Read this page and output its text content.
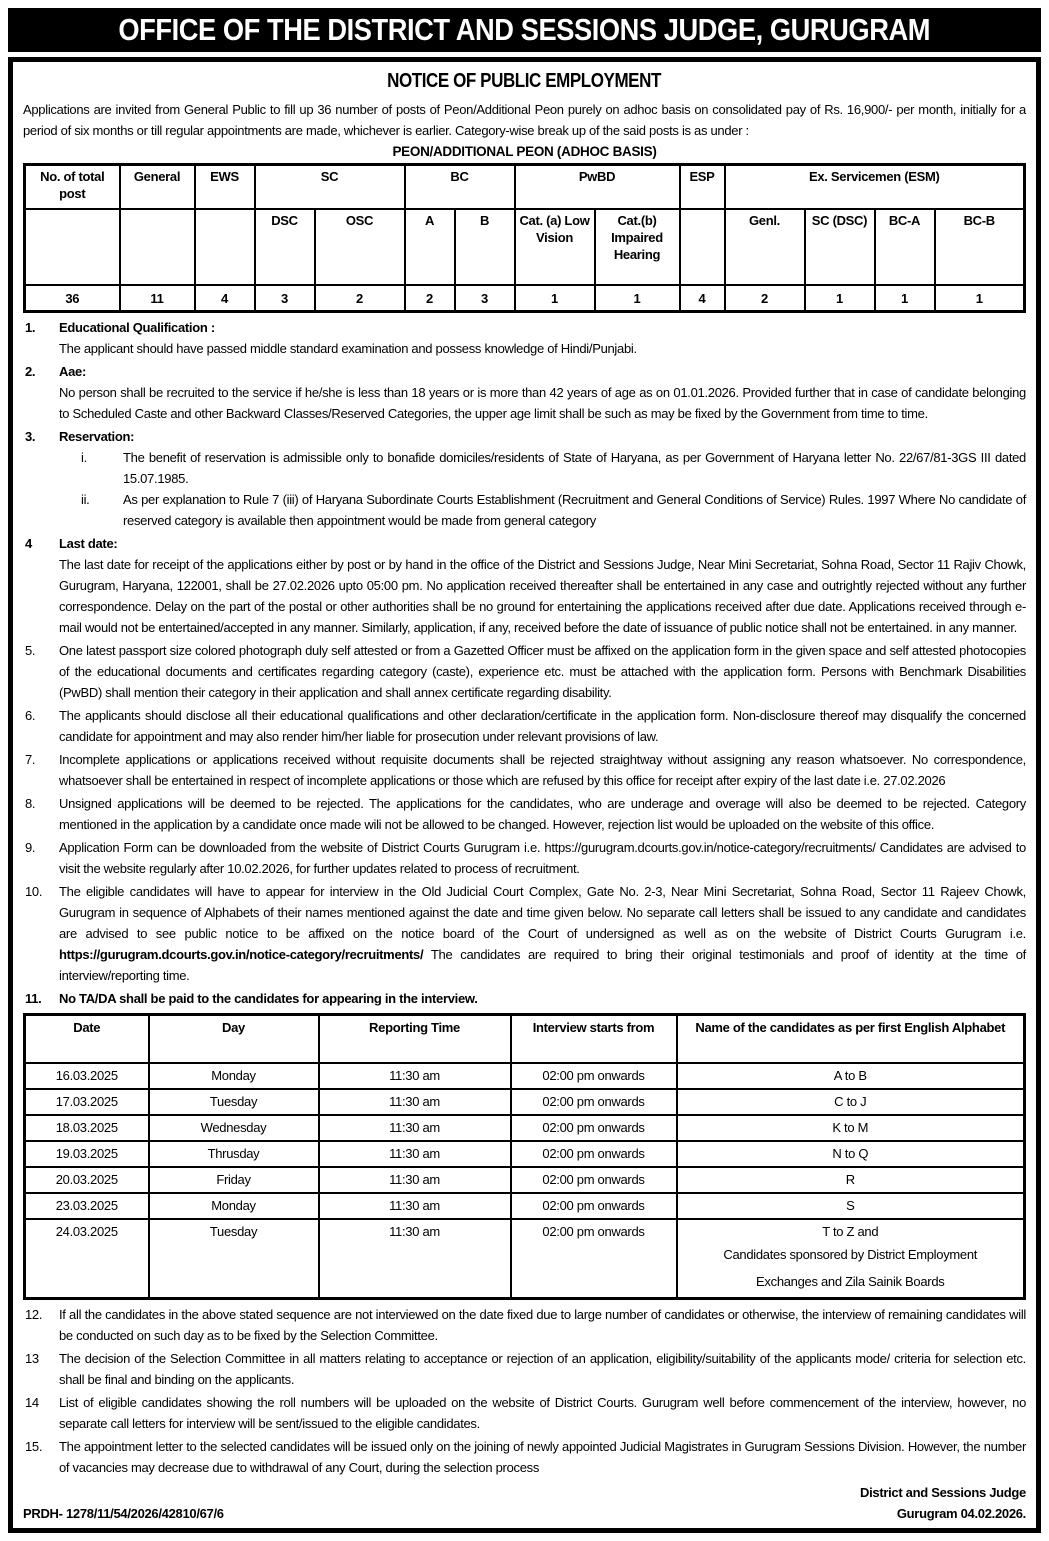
OFFICE OF THE DISTRICT AND SESSIONS JUDGE, GURUGRAM
NOTICE OF PUBLIC EMPLOYMENT
Applications are invited from General Public to fill up 36 number of posts of Peon/Additional Peon purely on adhoc basis on consolidated pay of Rs. 16,900/- per month, initially for a period of six months or till regular appointments are made, whichever is earlier. Category-wise break up of the said posts is as under :
PEON/ADDITIONAL PEON (ADHOC BASIS)
No. of total post	General	EWS	SC		BC		PwBD		ESP	Ex. Servicemen (ESM)			
			DSC	OSC	A	B	Cat. (a) Low Vision	Cat.(b) Impaired Hearing		Genl.	SC (DSC)	BC-A	BC-B
36	11	4	3	2	2	3	1	1	4	2	1	1	1
1.	Educational Qualification :
The applicant should have passed middle standard examination and possess knowledge of Hindi/Punjabi.
2.	Aae:
No person shall be recruited to the service if he/she is less than 18 years or is more than 42 years of age as on 01.01.2026. Provided further that in case of candidate belonging to Scheduled Caste and other Backward Classes/Reserved Categories, the upper age limit shall be such as may be fixed by the Government from time to time.
3.	Reservation:
i.	The benefit of reservation is admissible only to bonafide domiciles/residents of State of Haryana, as per Government of Haryana letter No. 22/67/81-3GS III dated 15.07.1985.
ii.	As per explanation to Rule 7 (iii) of Haryana Subordinate Courts Establishment (Recruitment and General Conditions of Service) Rules. 1997 Where No candidate of reserved category is available then appointment would be made from general category
4	Last date:
The last date for receipt of the applications either by post or by hand in the office of the District and Sessions Judge, Near Mini Secretariat, Sohna Road, Sector 11 Rajiv Chowk, Gurugram, Haryana, 122001, shall be 27.02.2026 upto 05:00 pm. No application received thereafter shall be entertained in any case and outrightly rejected without any further correspondence. Delay on the part of the postal or other authorities shall be no ground for entertaining the applications received after due date. Applications received through e-mail would not be entertained/accepted in any manner. Similarly, application, if any, received before the date of issuance of public notice shall not be entertained. in any manner.
5.	One latest passport size colored photograph duly self attested or from a Gazetted Officer must be affixed on the application form in the given space and self attested photocopies of the educational documents and certificates regarding category (caste), experience etc. must be attached with the application form. Persons with Benchmark Disabilities (PwBD) shall mention their category in their application and shall annex certificate regarding disability.
6.	The applicants should disclose all their educational qualifications and other declaration/certificate in the application form. Non-disclosure thereof may disqualify the concerned candidate for appointment and may also render him/her liable for prosecution under relevant provisions of law.
7.	Incomplete applications or applications received without requisite documents shall be rejected straightway without assigning any reason whatsoever. No correspondence, whatsoever shall be entertained in respect of incomplete applications or those which are refused by this office for receipt after expiry of the last date i.e. 27.02.2026
8.	Unsigned applications will be deemed to be rejected. The applications for the candidates, who are underage and overage will also be deemed to be rejected. Category mentioned in the application by a candidate once made wili not be allowed to be changed. However, rejection list would be uploaded on the website of this office.
9.	Application Form can be downloaded from the website of District Courts Gurugram i.e. https://gurugram.dcourts.gov.in/notice-category/recruitments/ Candidates are advised to visit the website regularly after 10.02.2026, for further updates related to process of recruitment.
10.	The eligible candidates will have to appear for interview in the Old Judicial Court Complex, Gate No. 2-3, Near Mini Secretariat, Sohna Road, Sector 11 Rajeev Chowk, Gurugram in sequence of Alphabets of their names mentioned against the date and time given below. No separate call letters shall be issued to any candidate and candidates are advised to see public notice to be affixed on the notice board of the Court of undersigned as well as on the website of District Courts Gurugram i.e. https://gurugram.dcourts.gov.in/notice-category/recruitments/ The candidates are required to bring their original testimonials and proof of identity at the time of interview/reporting time.
11.	No TA/DA shall be paid to the candidates for appearing in the interview.
Date	Day	Reporting Time	Interview starts from	Name of the candidates as per first English Alphabet
16.03.2025	Monday	11:30 am	02:00 pm onwards	A to B
17.03.2025	Tuesday	11:30 am	02:00 pm onwards	C to J
18.03.2025	Wednesday	11:30 am	02:00 pm onwards	K to M
19.03.2025	Thrusday	11:30 am	02:00 pm onwards	N to Q
20.03.2025	Friday	11:30 am	02:00 pm onwards	R
23.03.2025	Monday	11:30 am	02:00 pm onwards	S
24.03.2025	Tuesday	11:30 am	02:00 pm onwards	T to Z and
Candidates sponsored by District Employment
Exchanges and Zila Sainik Boards
12.	If all the candidates in the above stated sequence are not interviewed on the date fixed due to large number of candidates or otherwise, the interview of remaining candidates will be conducted on such day as to be fixed by the Selection Committee.
13	The decision of the Selection Committee in all matters relating to acceptance or rejection of an application, eligibility/suitability of the applicants mode/ criteria for selection etc. shall be final and binding on the applicants.
14	List of eligible candidates showing the roll numbers will be uploaded on the website of District Courts. Gurugram well before commencement of the interview, however, no separate call letters for interview will be sent/issued to the eligible candidates.
15.	The appointment letter to the selected candidates will be issued only on the joining of newly appointed Judicial Magistrates in Gurugram Sessions Division. However, the number of vacancies may decrease due to withdrawal of any Court, during the selection process
District and Sessions Judge
PRDH- 1278/11/54/2026/42810/67/6	Gurugram 04.02.2026.
